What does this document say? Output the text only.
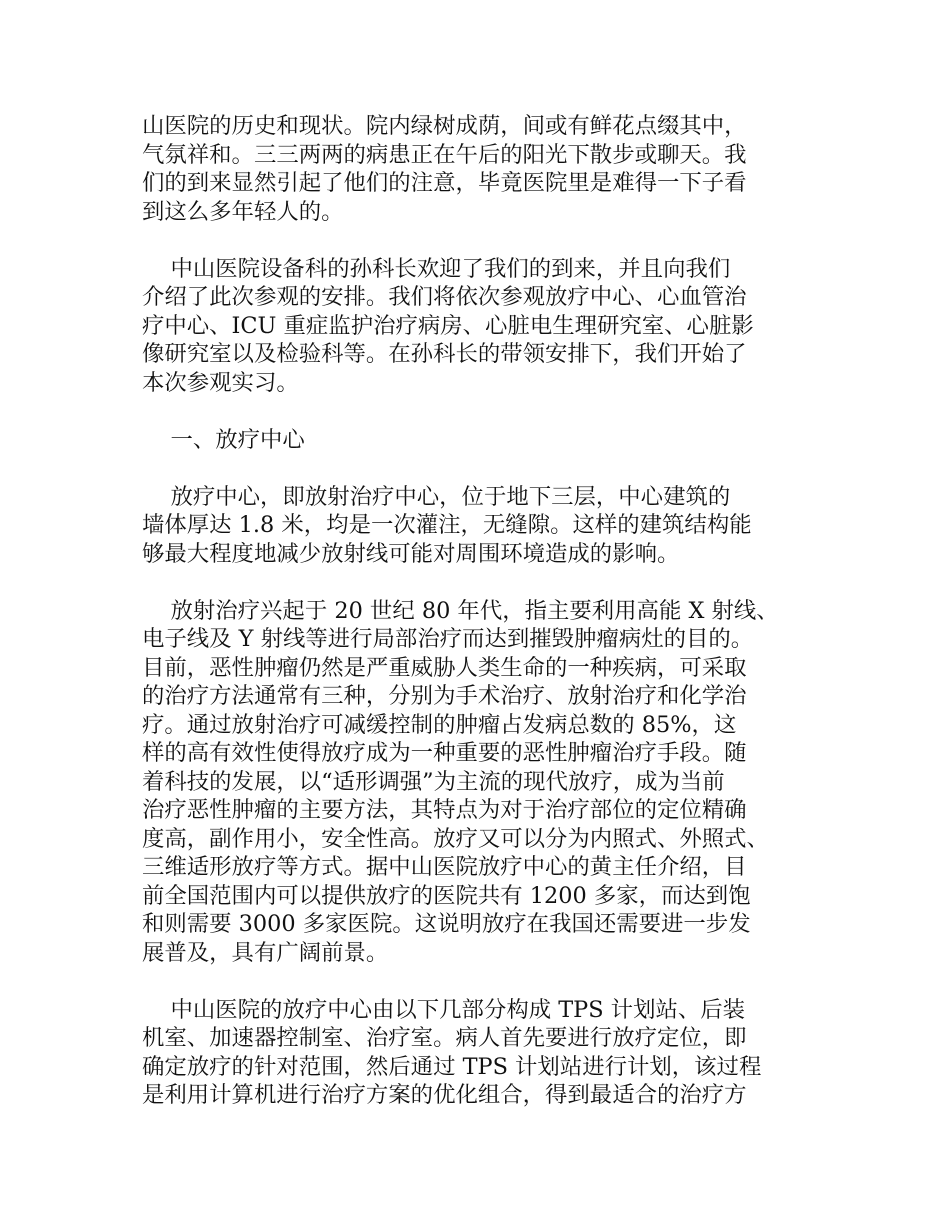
山医院的历史和现状。院内绿树成荫，间或有鲜花点缀其中，
气氛祥和。三三两两的病患正在午后的阳光下散步或聊天。我
们的到来显然引起了他们的注意，毕竟医院里是难得一下子看
到这么多年轻人的。
中山医院设备科的孙科长欢迎了我们的到来，并且向我们
介绍了此次参观的安排。我们将依次参观放疗中心、心血管治
疗中心、ICU 重症监护治疗病房、心脏电生理研究室、心脏影
像研究室以及检验科等。在孙科长的带领安排下，我们开始了
本次参观实习。
一、放疗中心
放疗中心，即放射治疗中心，位于地下三层，中心建筑的
墙体厚达 1.8 米，均是一次灌注，无缝隙。这样的建筑结构能
够最大程度地减少放射线可能对周围环境造成的影响。
放射治疗兴起于 20 世纪 80 年代，指主要利用高能 X 射线、
电子线及 Y 射线等进行局部治疗而达到摧毁肿瘤病灶的目的。
目前，恶性肿瘤仍然是严重威胁人类生命的一种疾病，可采取
的治疗方法通常有三种，分别为手术治疗、放射治疗和化学治
疗。通过放射治疗可减缓控制的肿瘤占发病总数的 85%，这
样的高有效性使得放疗成为一种重要的恶性肿瘤治疗手段。随
着科技的发展，以“适形调强”为主流的现代放疗，成为当前
治疗恶性肿瘤的主要方法，其特点为对于治疗部位的定位精确
度高，副作用小，安全性高。放疗又可以分为内照式、外照式、
三维适形放疗等方式。据中山医院放疗中心的黄主任介绍，目
前全国范围内可以提供放疗的医院共有 1200 多家，而达到饱
和则需要 3000 多家医院。这说明放疗在我国还需要进一步发
展普及，具有广阔前景。
中山医院的放疗中心由以下几部分构成 TPS 计划站、后装
机室、加速器控制室、治疗室。病人首先要进行放疗定位，即
确定放疗的针对范围，然后通过 TPS 计划站进行计划，该过程
是利用计算机进行治疗方案的优化组合，得到最适合的治疗方
